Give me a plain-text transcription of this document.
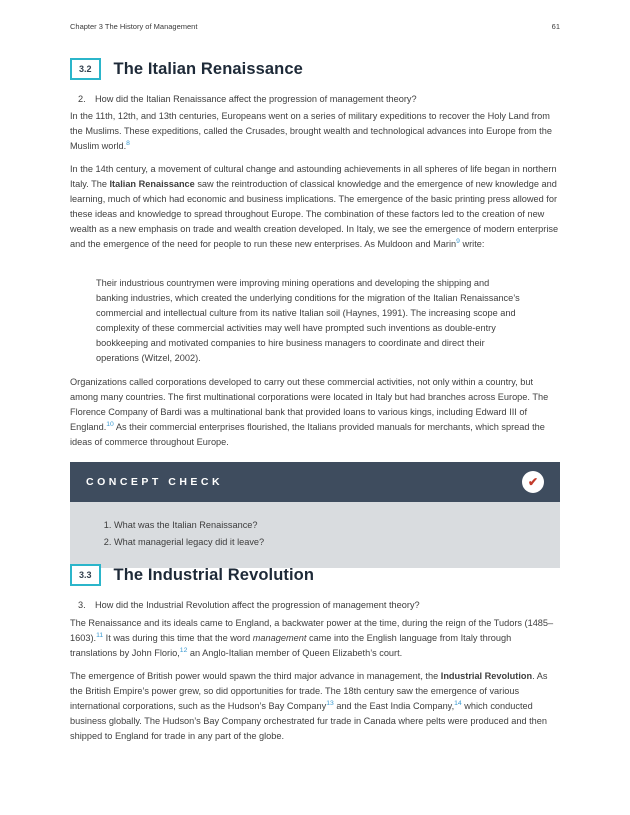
Chapter 3 The History of Management	61
3.2	The Italian Renaissance
2.	How did the Italian Renaissance affect the progression of management theory?
In the 11th, 12th, and 13th centuries, Europeans went on a series of military expeditions to recover the Holy Land from the Muslims. These expeditions, called the Crusades, brought wealth and technological advances into Europe from the Muslim world.$^8$
In the 14th century, a movement of cultural change and astounding achievements in all spheres of life began in northern Italy. The Italian Renaissance saw the reintroduction of classical knowledge and the emergence of new knowledge and learning, much of which had economic and business implications. The emergence of the basic printing press allowed for these ideas and knowledge to spread throughout Europe. The combination of these factors led to the creation of new wealth as a new emphasis on trade and wealth creation developed. In Italy, we see the emergence of modern enterprise and the emergence of the need for people to run these new enterprises. As Muldoon and Marin$^9$ write:
Their industrious countrymen were improving mining operations and developing the shipping and banking industries, which created the underlying conditions for the migration of the Italian Renaissance’s commercial and intellectual culture from its native Italian soil (Haynes, 1991). The increasing scope and complexity of these commercial activities may well have prompted such inventions as double-entry bookkeeping and motivated companies to hire business managers to coordinate and direct their operations (Witzel, 2002).
Organizations called corporations developed to carry out these commercial activities, not only within a country, but among many countries. The first multinational corporations were located in Italy but had branches across Europe. The Florence Company of Bardi was a multinational bank that provided loans to various kings, including Edward III of England.$^{10}$ As their commercial enterprises flourished, the Italians provided manuals for merchants, which spread the ideas of commerce throughout Europe.
CONCEPT CHECK	✔
1. What was the Italian Renaissance?
2. What managerial legacy did it leave?
3.3	The Industrial Revolution
3.	How did the Industrial Revolution affect the progression of management theory?
The Renaissance and its ideals came to England, a backwater power at the time, during the reign of the Tudors (1485–1603).$^{11}$ It was during this time that the word management came into the English language from Italy through translations by John Florio,$^{12}$ an Anglo-Italian member of Queen Elizabeth’s court.
The emergence of British power would spawn the third major advance in management, the Industrial Revolution. As the British Empire’s power grew, so did opportunities for trade. The 18th century saw the emergence of various international corporations, such as the Hudson’s Bay Company$^{13}$ and the East India Company,$^{14}$ which conducted business globally. The Hudson’s Bay Company orchestrated fur trade in Canada where pelts were produced and then shipped to England for trade in any part of the globe.
